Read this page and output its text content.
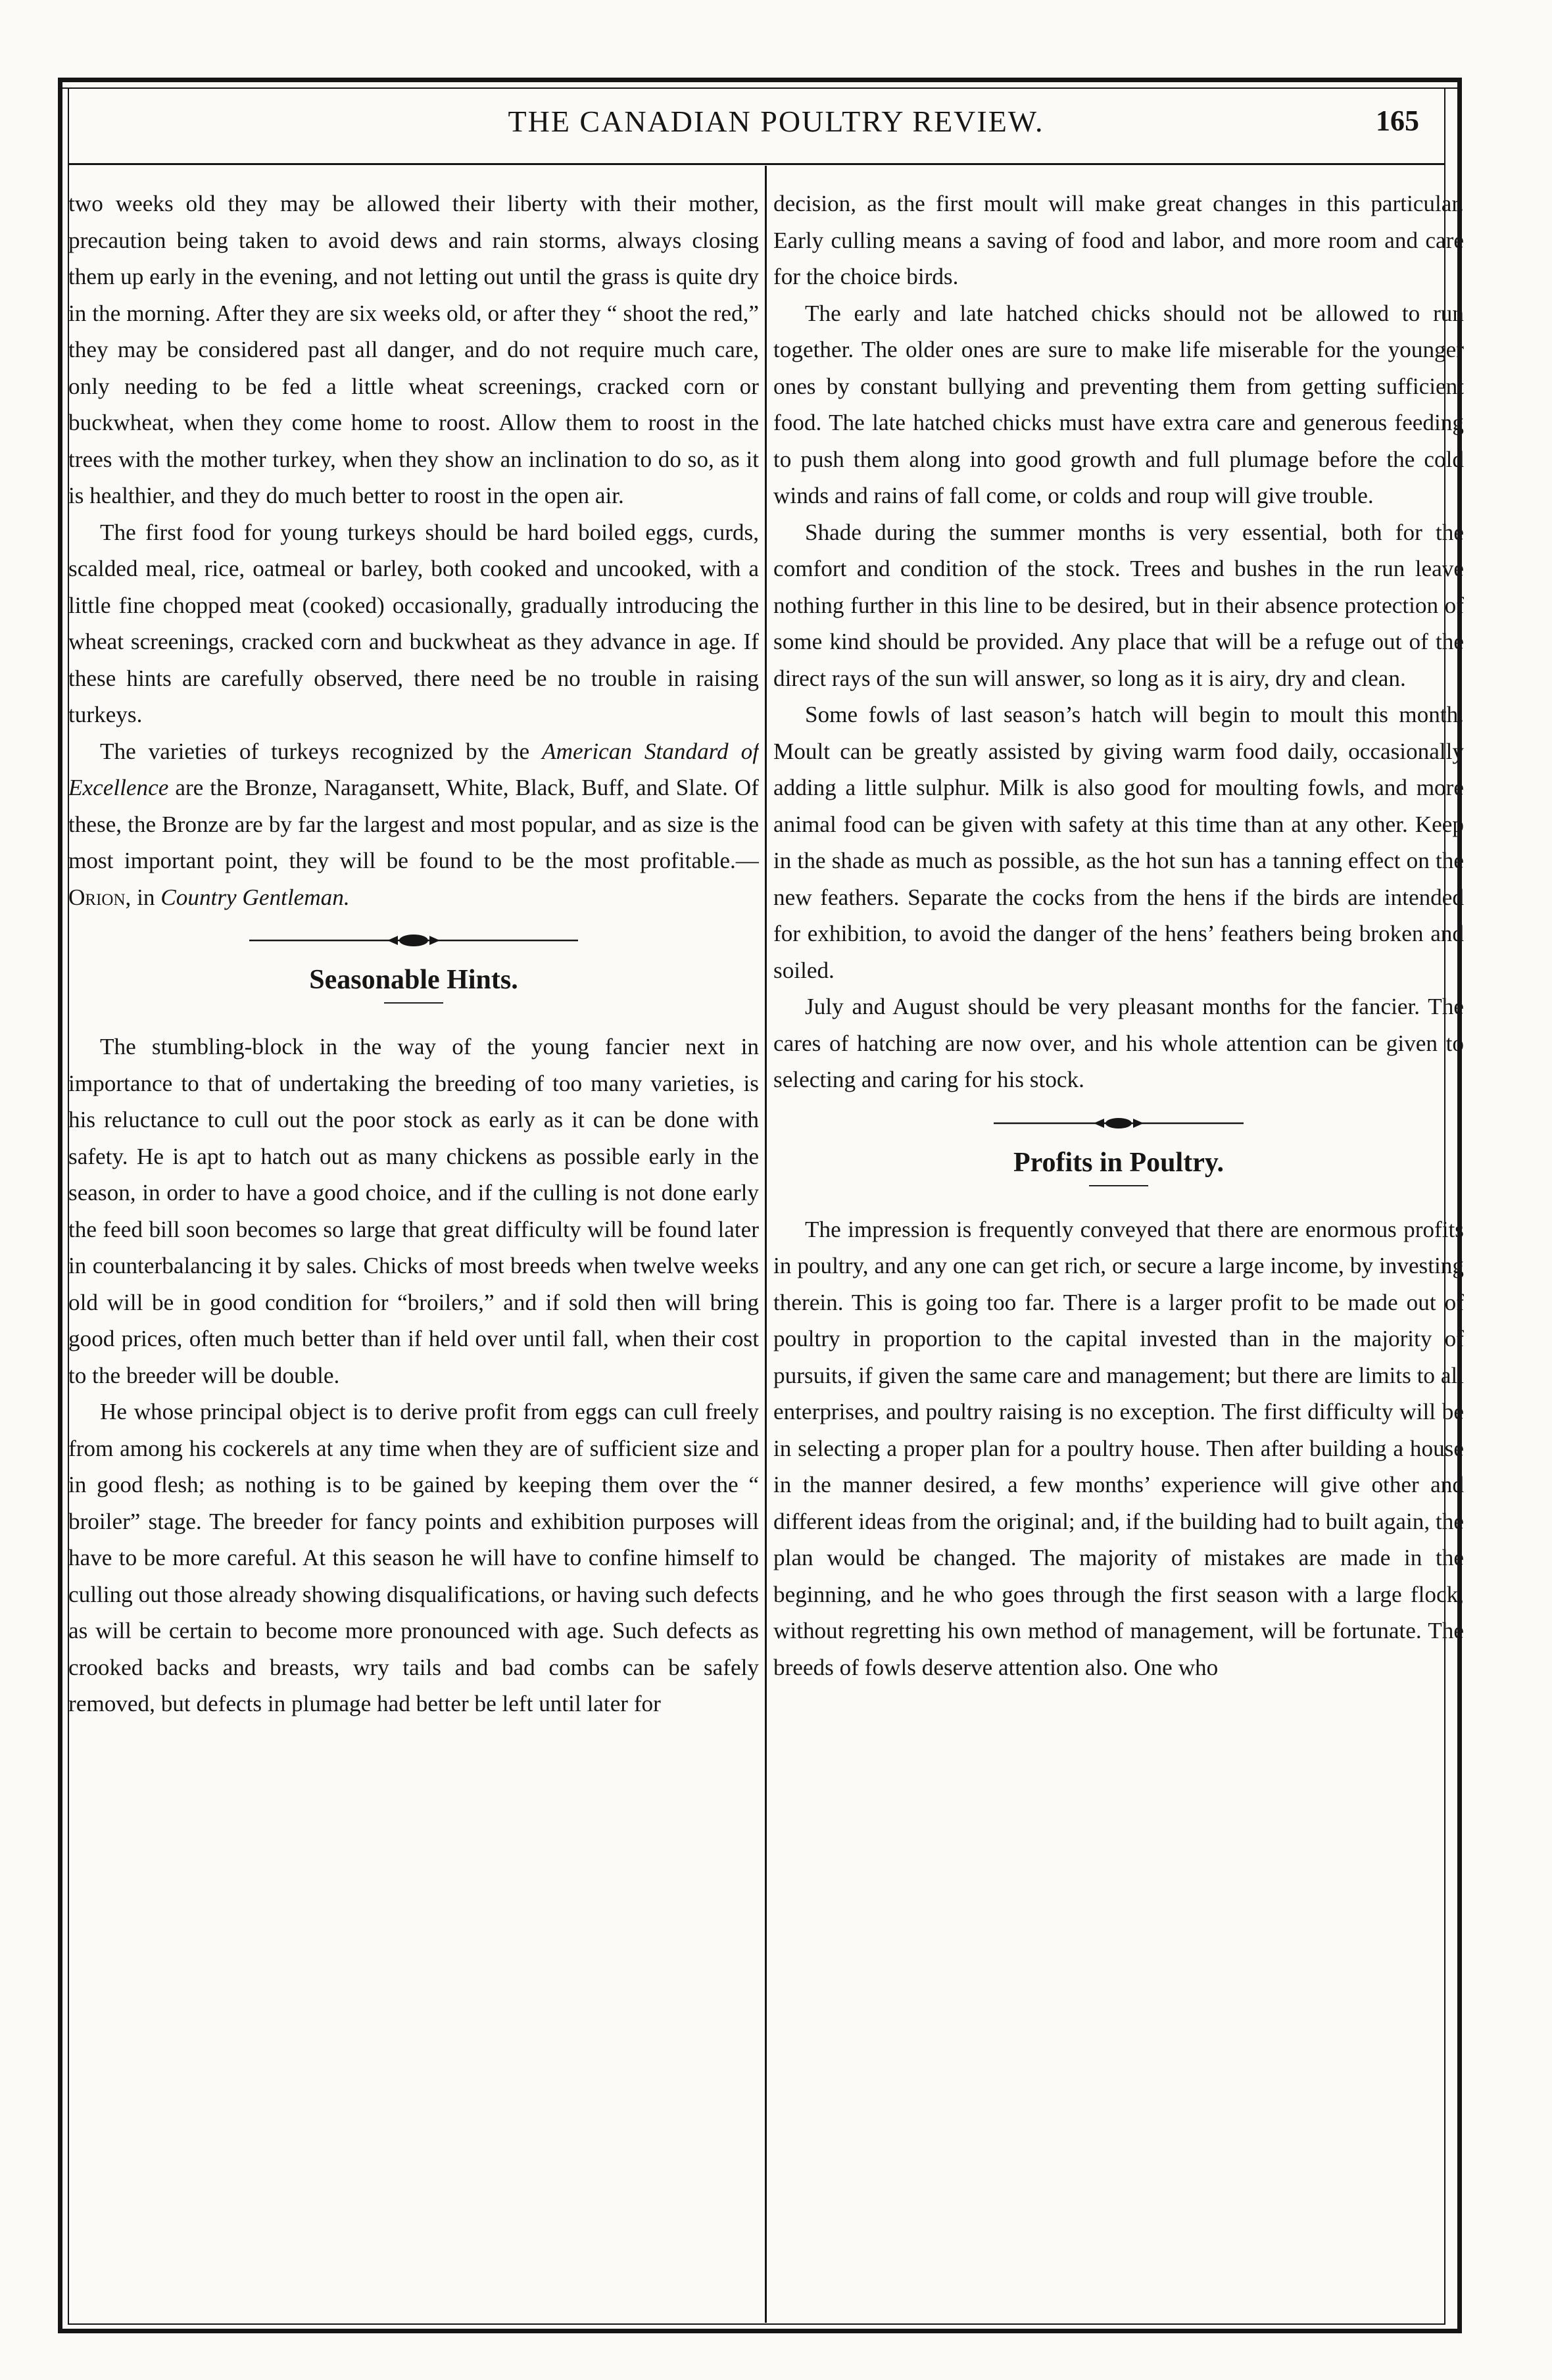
THE CANADIAN POULTRY REVIEW.	165

two weeks old they may be allowed their liberty with their mother, precaution being taken to avoid dews and rain storms, always closing them up early in the evening, and not letting out until the grass is quite dry in the morning. After they are six weeks old, or after they “ shoot the red,” they may be considered past all danger, and do not require much care, only needing to be fed a little wheat screenings, cracked corn or buckwheat, when they come home to roost. Allow them to roost in the trees with the mother turkey, when they show an inclination to do so, as it is healthier, and they do much better to roost in the open air.

The first food for young turkeys should be hard boiled eggs, curds, scalded meal, rice, oatmeal or barley, both cooked and uncooked, with a little fine chopped meat (cooked) occasionally, gradually introducing the wheat screenings, cracked corn and buckwheat as they advance in age. If these hints are carefully observed, there need be no trouble in raising turkeys.

The varieties of turkeys recognized by the American Standard of Excellence are the Bronze, Naragansett, White, Black, Buff, and Slate. Of these, the Bronze are by far the largest and most popular, and as size is the most important point, they will be found to be the most profitable.—Orion, in Country Gentleman.

Seasonable Hints.

The stumbling-block in the way of the young fancier next in importance to that of undertaking the breeding of too many varieties, is his reluctance to cull out the poor stock as early as it can be done with safety. He is apt to hatch out as many chickens as possible early in the season, in order to have a good choice, and if the culling is not done early the feed bill soon becomes so large that great difficulty will be found later in counterbalancing it by sales. Chicks of most breeds when twelve weeks old will be in good condition for “broilers,” and if sold then will bring good prices, often much better than if held over until fall, when their cost to the breeder will be double.

He whose principal object is to derive profit from eggs can cull freely from among his cockerels at any time when they are of sufficient size and in good flesh; as nothing is to be gained by keeping them over the “ broiler” stage. The breeder for fancy points and exhibition purposes will have to be more careful. At this season he will have to confine himself to culling out those already showing disqualifications, or having such defects as will be certain to become more pronounced with age. Such defects as crooked backs and breasts, wry tails and bad combs can be safely removed, but defects in plumage had better be left until later for

decision, as the first moult will make great changes in this particular. Early culling means a saving of food and labor, and more room and care for the choice birds.

The early and late hatched chicks should not be allowed to run together. The older ones are sure to make life miserable for the younger ones by constant bullying and preventing them from getting sufficient food. The late hatched chicks must have extra care and generous feeding to push them along into good growth and full plumage before the cold winds and rains of fall come, or colds and roup will give trouble.

Shade during the summer months is very essential, both for the comfort and condition of the stock. Trees and bushes in the run leave nothing further in this line to be desired, but in their absence protection of some kind should be provided. Any place that will be a refuge out of the direct rays of the sun will answer, so long as it is airy, dry and clean.

Some fowls of last season’s hatch will begin to moult this month. Moult can be greatly assisted by giving warm food daily, occasionally adding a little sulphur. Milk is also good for moulting fowls, and more animal food can be given with safety at this time than at any other. Keep in the shade as much as possible, as the hot sun has a tanning effect on the new feathers. Separate the cocks from the hens if the birds are intended for exhibition, to avoid the danger of the hens’ feathers being broken and soiled.

July and August should be very pleasant months for the fancier. The cares of hatching are now over, and his whole attention can be given to selecting and caring for his stock.

Profits in Poultry.

The impression is frequently conveyed that there are enormous profits in poultry, and any one can get rich, or secure a large income, by investing therein. This is going too far. There is a larger profit to be made out of poultry in proportion to the capital invested than in the majority of pursuits, if given the same care and management; but there are limits to all enterprises, and poultry raising is no exception. The first difficulty will be in selecting a proper plan for a poultry house. Then after building a house in the manner desired, a few months’ experience will give other and different ideas from the original; and, if the building had to built again, the plan would be changed. The majority of mistakes are made in the beginning, and he who goes through the first season with a large flock, without regretting his own method of management, will be fortunate. The breeds of fowls deserve attention also. One who
